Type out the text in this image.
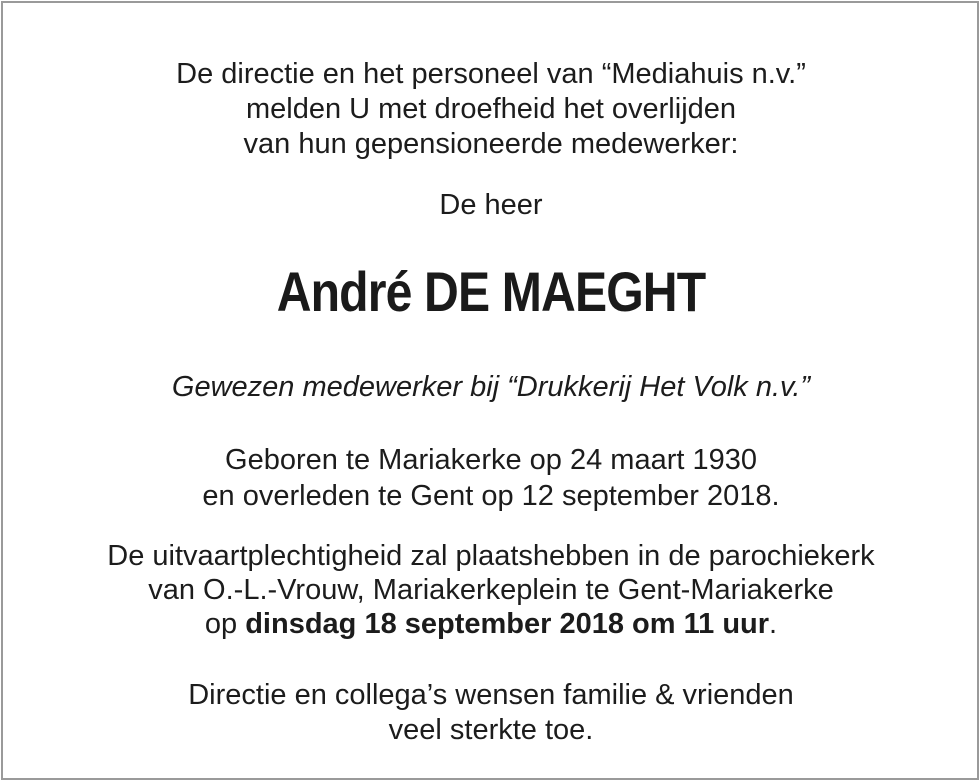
De directie en het personeel van “Mediahuis n.v.”
melden U met droefheid het overlijden
van hun gepensioneerde medewerker:
De heer
André DE MAEGHT
Gewezen medewerker bij “Drukkerij Het Volk n.v.”
Geboren te Mariakerke op 24 maart 1930
en overleden te Gent op 12 september 2018.
De uitvaartplechtigheid zal plaatshebben in de parochiekerk
van O.-L.-Vrouw, Mariakerkeplein te Gent-Mariakerke
op dinsdag 18 september 2018 om 11 uur.
Directie en collega’s wensen familie & vrienden
veel sterkte toe.
